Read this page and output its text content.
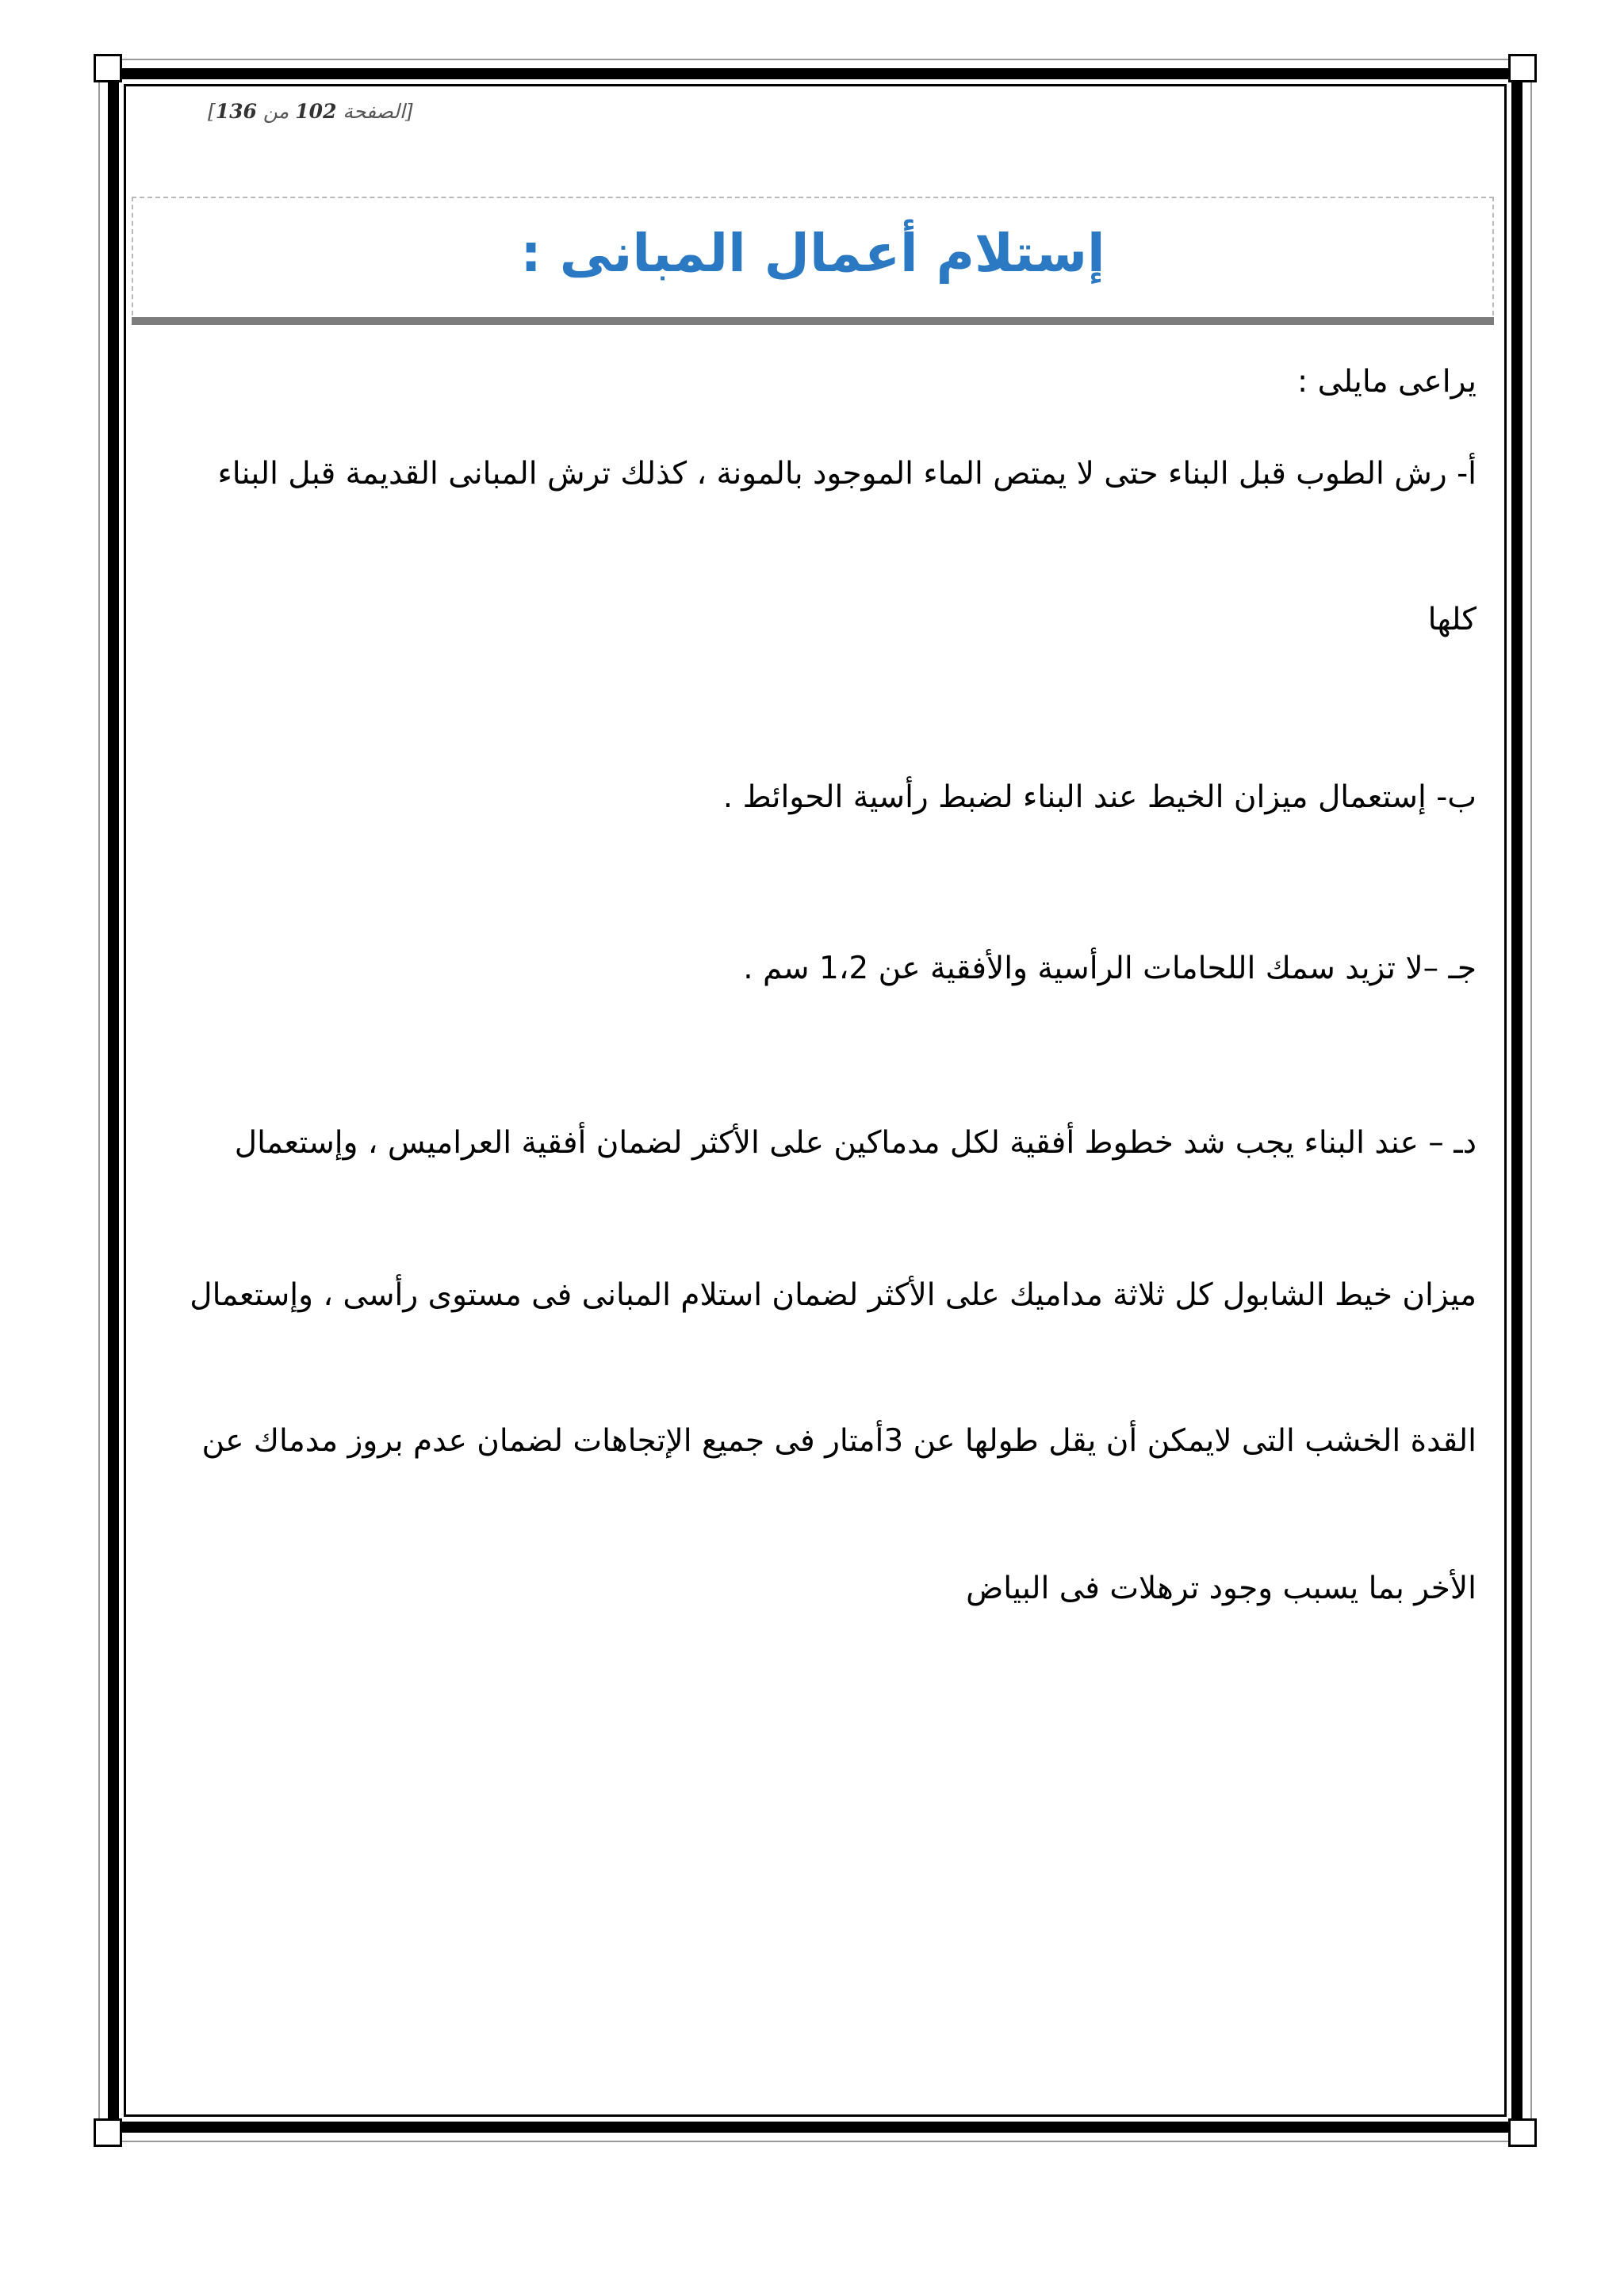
[الصفحة 102 من 136]
إستلام أعمال المبانى :
يراعى مايلى :
أ- رش الطوب قبل البناء حتى لا يمتص الماء الموجود بالمونة ، كذلك ترش المبانى القديمة قبل البناء
كلها
ب- إستعمال ميزان الخيط عند البناء لضبط رأسية الحوائط .
جـ –لا تزيد سمك اللحامات الرأسية والأفقية عن 1،2 سم .
دـ – عند البناء يجب شد خطوط أفقية لكل مدماكين على الأكثر لضمان أفقية العراميس ، وإستعمال
ميزان خيط الشابول كل ثلاثة مداميك على الأكثر لضمان استلام المبانى فى مستوى رأسى ، وإستعمال
القدة الخشب التى لايمكن أن يقل طولها عن 3أمتار فى جميع الإتجاهات لضمان عدم بروز مدماك عن
الأخر بما يسبب وجود ترهلات فى البياض
